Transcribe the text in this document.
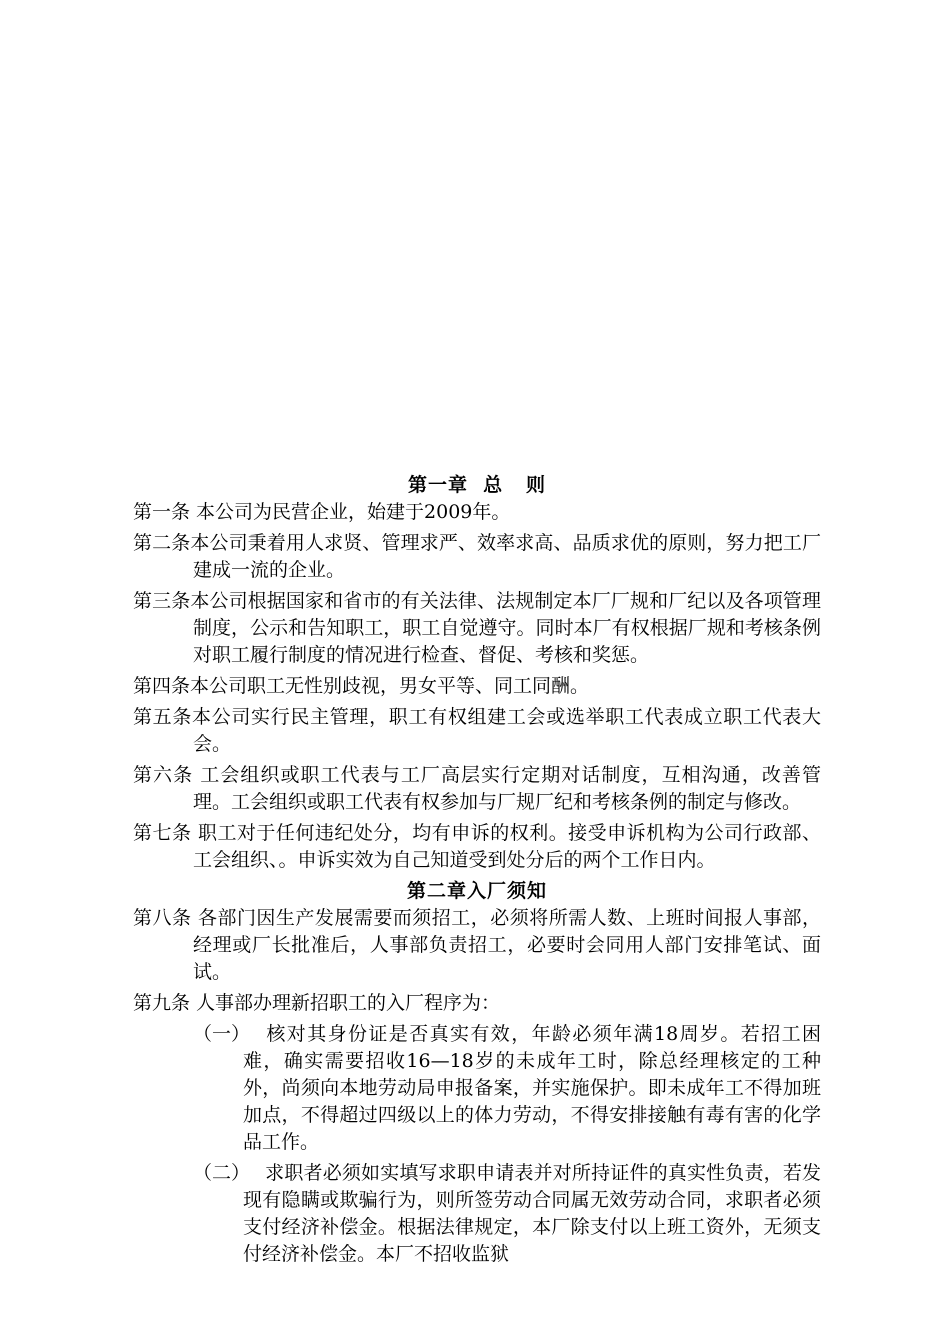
第一章  总   则

第一条 本公司为民营企业，始建于2009年。

第二条本公司秉着用人求贤、管理求严、效率求高、品质求优的原则，努力把工厂建成一流的企业。

第三条本公司根据国家和省市的有关法律、法规制定本厂厂规和厂纪以及各项管理制度，公示和告知职工，职工自觉遵守。同时本厂有权根据厂规和考核条例对职工履行制度的情况进行检查、督促、考核和奖惩。

第四条本公司职工无性别歧视，男女平等、同工同酬。

第五条本公司实行民主管理，职工有权组建工会或选举职工代表成立职工代表大会。

第六条 工会组织或职工代表与工厂高层实行定期对话制度，互相沟通，改善管理。工会组织或职工代表有权参加与厂规厂纪和考核条例的制定与修改。

第七条 职工对于任何违纪处分，均有申诉的权利。接受申诉机构为公司行政部、工会组织、。申诉实效为自己知道受到处分后的两个工作日内。

第二章入厂须知

第八条 各部门因生产发展需要而须招工，必须将所需人数、上班时间报人事部，经理或厂长批准后，人事部负责招工，必要时会同用人部门安排笔试、面试。

第九条 人事部办理新招职工的入厂程序为：

（一） 核对其身份证是否真实有效，年龄必须年满18周岁。若招工困难，确实需要招收16—18岁的未成年工时，除总经理核定的工种外，尚须向本地劳动局申报备案，并实施保护。即未成年工不得加班加点，不得超过四级以上的体力劳动，不得安排接触有毒有害的化学品工作。
（二） 求职者必须如实填写求职申请表并对所持证件的真实性负责，若发现有隐瞒或欺骗行为，则所签劳动合同属无效劳动合同，求职者必须支付经济补偿金。根据法律规定，本厂除支付以上班工资外，无须支付经济补偿金。本厂不招收监狱
